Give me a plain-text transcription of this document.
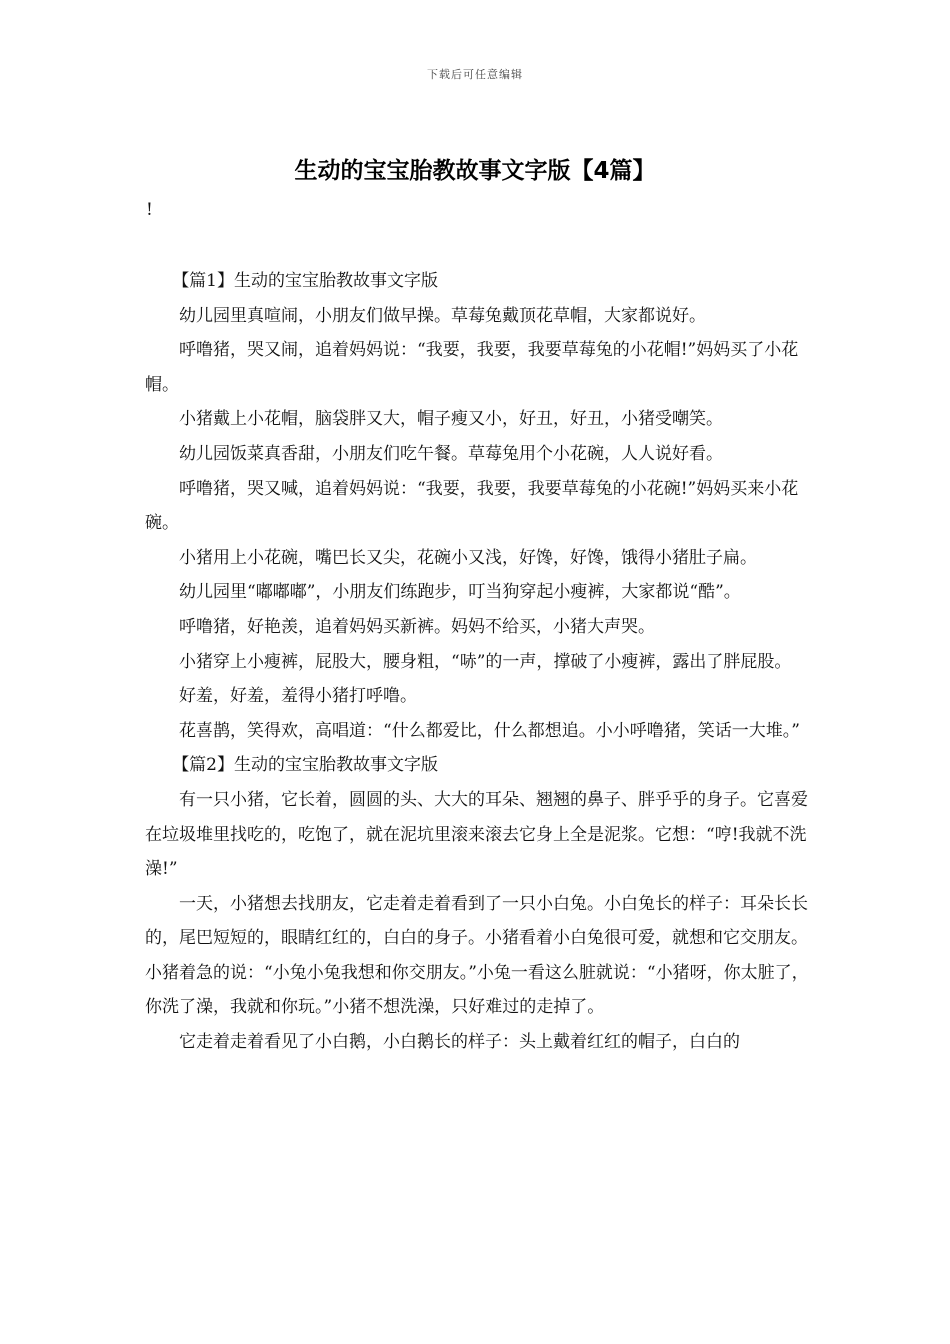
下载后可任意编辑
生动的宝宝胎教故事文字版【4篇】
!

【篇1】生动的宝宝胎教故事文字版

幼儿园里真喧闹，小朋友们做早操。草莓兔戴顶花草帽，大家都说好。

呼噜猪，哭又闹，追着妈妈说：“我要，我要，我要草莓兔的小花帽!”妈妈买了小花帽。

小猪戴上小花帽，脑袋胖又大，帽子瘦又小，好丑，好丑，小猪受嘲笑。

幼儿园饭菜真香甜，小朋友们吃午餐。草莓兔用个小花碗，人人说好看。

呼噜猪，哭又喊，追着妈妈说：“我要，我要，我要草莓兔的小花碗!”妈妈买来小花碗。

小猪用上小花碗，嘴巴长又尖，花碗小又浅，好馋，好馋，饿得小猪肚子扁。

幼儿园里“嘟嘟嘟”，小朋友们练跑步，叮当狗穿起小瘦裤，大家都说“酷”。

呼噜猪，好艳羡，追着妈妈买新裤。妈妈不给买，小猪大声哭。

小猪穿上小瘦裤，屁股大，腰身粗，“哧”的一声，撑破了小瘦裤，露出了胖屁股。

好羞，好羞，羞得小猪打呼噜。

花喜鹊，笑得欢，高唱道：“什么都爱比，什么都想追。小小呼噜猪，笑话一大堆。”

【篇2】生动的宝宝胎教故事文字版

有一只小猪，它长着，圆圆的头、大大的耳朵、翘翘的鼻子、胖乎乎的身子。它喜爱在垃圾堆里找吃的，吃饱了，就在泥坑里滚来滚去它身上全是泥浆。它想：“哼!我就不洗澡!”

一天，小猪想去找朋友，它走着走着看到了一只小白兔。小白兔长的样子：耳朵长长的，尾巴短短的，眼睛红红的，白白的身子。小猪看着小白兔很可爱，就想和它交朋友。小猪着急的说：“小兔小兔我想和你交朋友。”小兔一看这么脏就说：“小猪呀，你太脏了，你洗了澡，我就和你玩。”小猪不想洗澡，只好难过的走掉了。

它走着走着看见了小白鹅，小白鹅长的样子：头上戴着红红的帽子，白白的
